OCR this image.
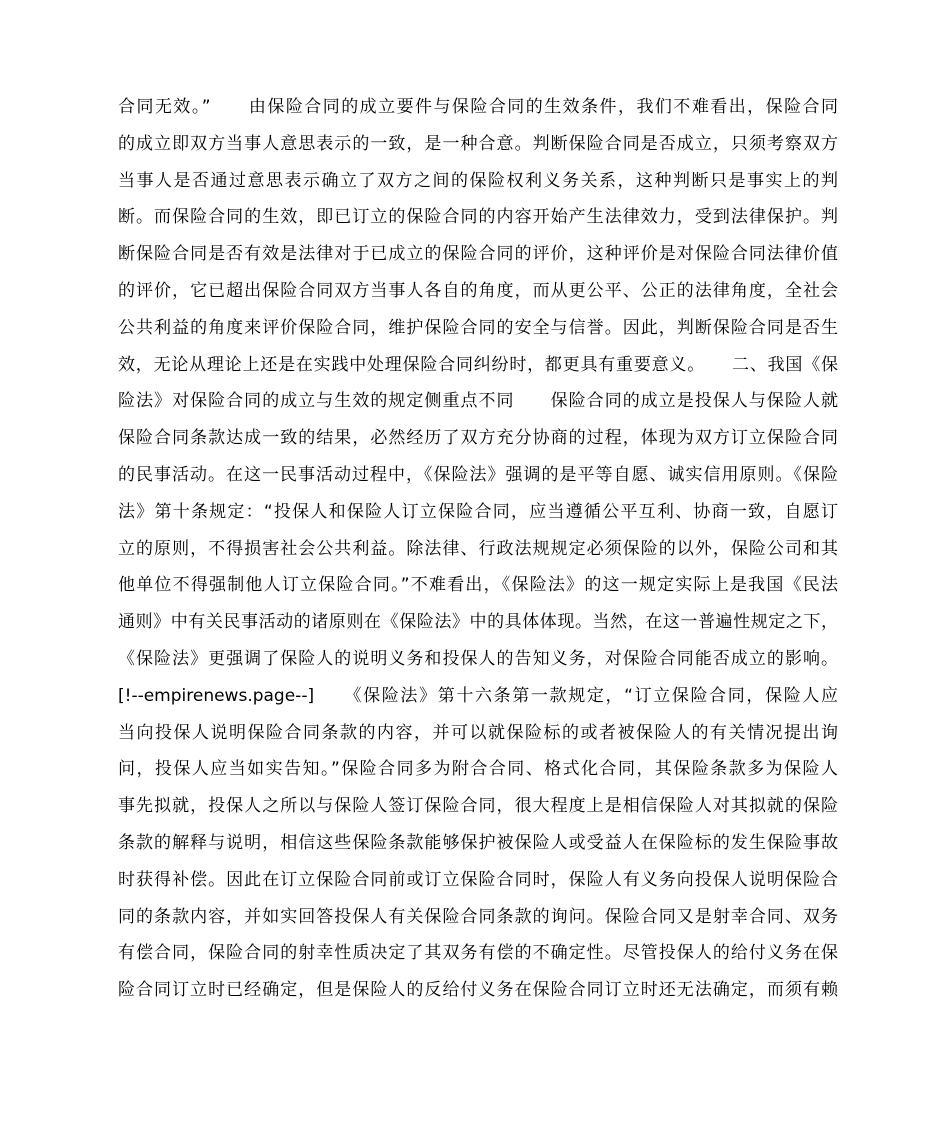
合同无效。”　　由保险合同的成立要件与保险合同的生效条件，我们不难看出，保险合同
的成立即双方当事人意思表示的一致，是一种合意。判断保险合同是否成立，只须考察双方
当事人是否通过意思表示确立了双方之间的保险权利义务关系，这种判断只是事实上的判
断。而保险合同的生效，即已订立的保险合同的内容开始产生法律效力，受到法律保护。判
断保险合同是否有效是法律对于已成立的保险合同的评价，这种评价是对保险合同法律价值
的评价，它已超出保险合同双方当事人各自的角度，而从更公平、公正的法律角度，全社会
公共利益的角度来评价保险合同，维护保险合同的安全与信誉。因此，判断保险合同是否生
效，无论从理论上还是在实践中处理保险合同纠纷时，都更具有重要意义。　　二、我国《保
险法》对保险合同的成立与生效的规定侧重点不同　　保险合同的成立是投保人与保险人就
保险合同条款达成一致的结果，必然经历了双方充分协商的过程，体现为双方订立保险合同
的民事活动。在这一民事活动过程中，《保险法》强调的是平等自愿、诚实信用原则。《保险
法》第十条规定：“投保人和保险人订立保险合同，应当遵循公平互利、协商一致，自愿订
立的原则，不得损害社会公共利益。除法律、行政法规规定必须保险的以外，保险公司和其
他单位不得强制他人订立保险合同。”不难看出，《保险法》的这一规定实际上是我国《民法
通则》中有关民事活动的诸原则在《保险法》中的具体体现。当然，在这一普遍性规定之下，
《保险法》更强调了保险人的说明义务和投保人的告知义务，对保险合同能否成立的影响。
[!--empirenews.page--]　　《保险法》第十六条第一款规定，“订立保险合同，保险人应
当向投保人说明保险合同条款的内容，并可以就保险标的或者被保险人的有关情况提出询
问，投保人应当如实告知。”保险合同多为附合合同、格式化合同，其保险条款多为保险人
事先拟就，投保人之所以与保险人签订保险合同，很大程度上是相信保险人对其拟就的保险
条款的解释与说明，相信这些保险条款能够保护被保险人或受益人在保险标的发生保险事故
时获得补偿。因此在订立保险合同前或订立保险合同时，保险人有义务向投保人说明保险合
同的条款内容，并如实回答投保人有关保险合同条款的询问。保险合同又是射幸合同、双务
有偿合同，保险合同的射幸性质决定了其双务有偿的不确定性。尽管投保人的给付义务在保
险合同订立时已经确定，但是保险人的反给付义务在保险合同订立时还无法确定，而须有赖
